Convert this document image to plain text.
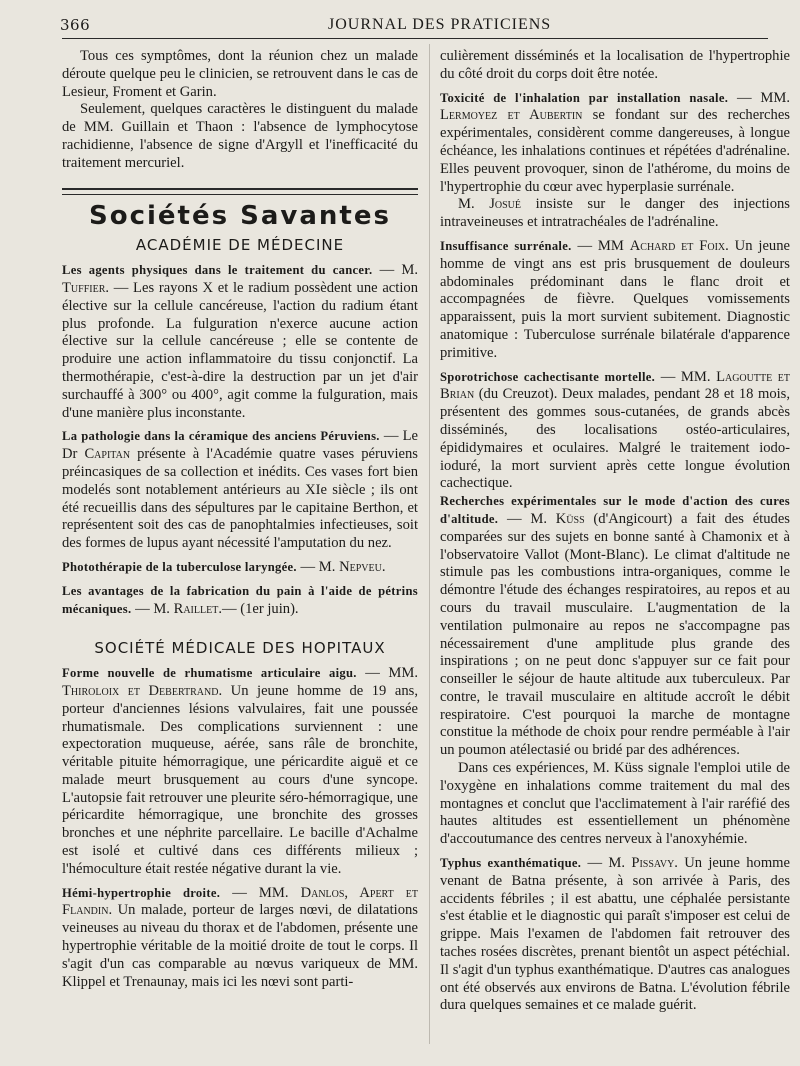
366	JOURNAL DES PRATICIENS

Tous ces symptômes, dont la réunion chez un malade déroute quelque peu le clinicien, se retrouvent dans le cas de Lesieur, Froment et Garin.

Seulement, quelques caractères le distinguent du malade de MM. Guillain et Thaon : l'absence de lymphocytose rachidienne, l'absence de signe d'Argyll et l'inefficacité du traitement mercuriel.

Sociétés Savantes
ACADÉMIE DE MÉDECINE

Les agents physiques dans le traitement du cancer. — M. Tuffier. — Les rayons X et le radium possèdent une action élective sur la cellule cancéreuse, l'action du radium étant plus profonde. La fulguration n'exerce aucune action élective sur la cellule cancéreuse ; elle se contente de produire une action inflammatoire du tissu conjonctif. La thermothérapie, c'est-à-dire la destruction par un jet d'air surchauffé à 300° ou 400°, agit comme la fulguration, mais d'une manière plus inconstante.

La pathologie dans la céramique des anciens Péruviens. — Le Dr Capitan présente à l'Académie quatre vases péruviens préincasiques de sa collection et inédits. Ces vases fort bien modelés sont notablement antérieurs au XIe siècle ; ils ont été recueillis dans des sépultures par le capitaine Berthon, et représentent soit des cas de panophtalmies infectieuses, soit des formes de lupus ayant nécessité l'amputation du nez.

Photothérapie de la tuberculose laryngée. — M. Nepveu.

Les avantages de la fabrication du pain à l'aide de pétrins mécaniques. — M. Raillet.— (1er juin).

SOCIÉTÉ MÉDICALE DES HOPITAUX

Forme nouvelle de rhumatisme articulaire aigu. — MM. Thiroloix et Debertrand. Un jeune homme de 19 ans, porteur d'anciennes lésions valvulaires, fait une poussée rhumatismale. Des complications surviennent : une expectoration muqueuse, aérée, sans râle de bronchite, véritable pituite hémorragique, une péricardite aiguë et ce malade meurt brusquement au cours d'une syncope. L'autopsie fait retrouver une pleurite séro-hémorragique, une péricardite hémorragique, une bronchite des grosses bronches et une néphrite parcellaire. Le bacille d'Achalme est isolé et cultivé dans ces différents milieux ; l'hémoculture était restée négative durant la vie.

Hémi-hypertrophie droite. — MM. Danlos, Apert et Flandin. Un malade, porteur de larges nœvi, de dilatations veineuses au niveau du thorax et de l'abdomen, présente une hypertrophie véritable de la moitié droite de tout le corps. Il s'agit d'un cas comparable au nœvus variqueux de MM. Klippel et Trenaunay, mais ici les nœvi sont parti-

culièrement disséminés et la localisation de l'hypertrophie du côté droit du corps doit être notée.

Toxicité de l'inhalation par installation nasale. — MM. Lermoyez et Aubertin se fondant sur des recherches expérimentales, considèrent comme dangereuses, à longue échéance, les inhalations continues et répétées d'adrénaline. Elles peuvent provoquer, sinon de l'athérome, du moins de l'hypertrophie du cœur avec hyperplasie surrénale.

M. Josué insiste sur le danger des injections intraveineuses et intratrachéales de l'adrénaline.

Insuffisance surrénale. — MM Achard et Foix. Un jeune homme de vingt ans est pris brusquement de douleurs abdominales prédominant dans le flanc droit et accompagnées de fièvre. Quelques vomissements apparaissent, puis la mort survient subitement. Diagnostic anatomique : Tuberculose surrénale bilatérale d'apparence primitive.

Sporotrichose cachectisante mortelle. — MM. Lagoutte et Brian (du Creuzot). Deux malades, pendant 28 et 18 mois, présentent des gommes sous-cutanées, de grands abcès disséminés, des localisations ostéo-articulaires, épididymaires et oculaires. Malgré le traitement iodo-ioduré, la mort survient après cette longue évolution cachectique.

Recherches expérimentales sur le mode d'action des cures d'altitude. — M. Küss (d'Angicourt) a fait des études comparées sur des sujets en bonne santé à Chamonix et à l'observatoire Vallot (Mont-Blanc). Le climat d'altitude ne stimule pas les combustions intra-organiques, comme le démontre l'étude des échanges respiratoires, au repos et au cours du travail musculaire. L'augmentation de la ventilation pulmonaire au repos ne s'accompagne pas nécessairement d'une amplitude plus grande des inspirations ; on ne peut donc s'appuyer sur ce fait pour conseiller le séjour de haute altitude aux tuberculeux. Par contre, le travail musculaire en altitude accroît le débit respiratoire. C'est pourquoi la marche de montagne constitue la méthode de choix pour rendre perméable à l'air un poumon atélectasié ou bridé par des adhérences.

Dans ces expériences, M. Küss signale l'emploi utile de l'oxygène en inhalations comme traitement du mal des montagnes et conclut que l'acclimatement à l'air raréfié des hautes altitudes est essentiellement un phénomène d'accoutumance des centres nerveux à l'anoxyhémie.

Typhus exanthématique. — M. Pissavy. Un jeune homme venant de Batna présente, à son arrivée à Paris, des accidents fébriles ; il est abattu, une céphalée persistante s'est établie et le diagnostic qui paraît s'imposer est celui de grippe. Mais l'examen de l'abdomen fait retrouver des taches rosées discrètes, prenant bientôt un aspect pétéchial. Il s'agit d'un typhus exanthématique. D'autres cas analogues ont été observés aux environs de Batna. L'évolution fébrile dura quelques semaines et ce malade guérit.
